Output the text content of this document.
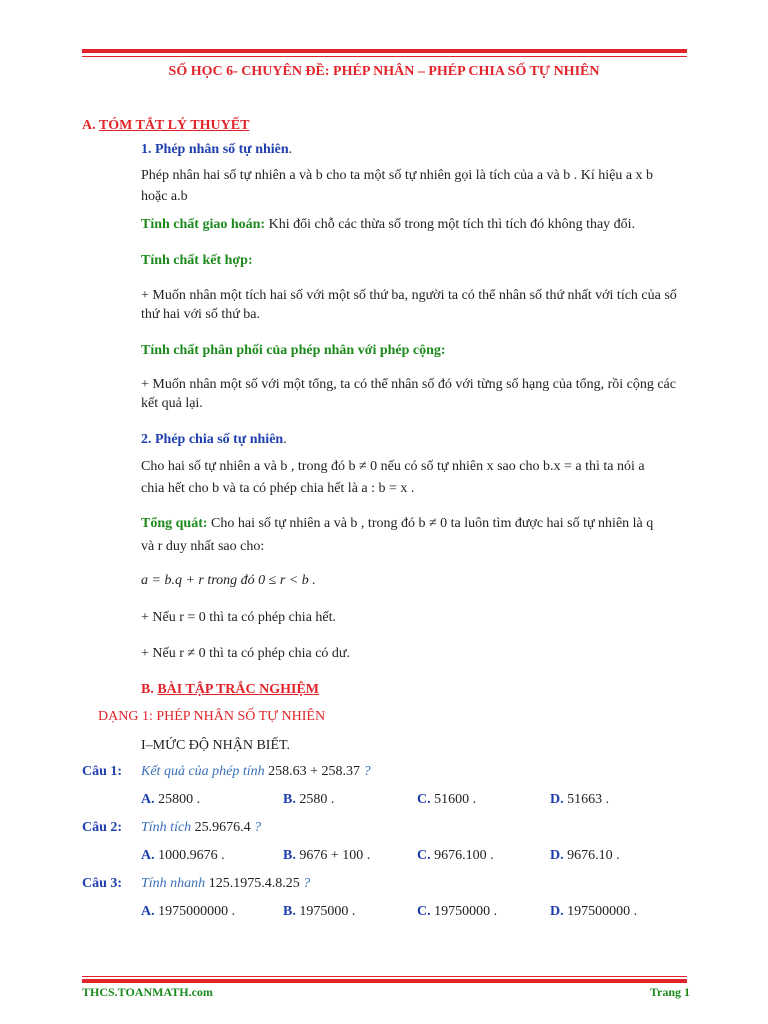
SỐ HỌC 6- CHUYÊN ĐỀ: PHÉP NHÂN – PHÉP CHIA SỐ TỰ NHIÊN
A. TÓM TẮT LÝ THUYẾT
1. Phép nhân số tự nhiên.
Phép nhân hai số tự nhiên a và b cho ta một số tự nhiên gọi là tích của a và b . Kí hiệu a x b
hoặc a.b
Tính chất giao hoán: Khi đổi chỗ các thừa số trong một tích thì tích đó không thay đổi.
Tính chất kết hợp:
+ Muốn nhân một tích hai số với một số thứ ba, người ta có thể nhân số thứ nhất với tích của số
thứ hai với số thứ ba.
Tính chất phân phối của phép nhân với phép cộng:
+ Muốn nhân một số với một tổng, ta có thể nhân số đó với từng số hạng của tổng, rồi cộng các
kết quả lại.
2. Phép chia số tự nhiên.
Cho hai số tự nhiên a và b , trong đó b ≠ 0 nếu có số tự nhiên x sao cho b.x = a thì ta nói a
chia hết cho b và ta có phép chia hết là a : b = x .
Tổng quát: Cho hai số tự nhiên a và b , trong đó b ≠ 0 ta luôn tìm được hai số tự nhiên là q
và r duy nhất sao cho:
a = b.q + r trong đó 0 ≤ r < b .
+ Nếu r = 0 thì ta có phép chia hết.
+ Nếu r ≠ 0 thì ta có phép chia có dư.
B. BÀI TẬP TRẮC NGHIỆM
DẠNG 1: PHÉP NHÂN SỐ TỰ NHIÊN
I–MỨC ĐỘ NHẬN BIẾT.
Câu 1: Kết quả của phép tính 258.63 + 258.37 ?
A. 25800 .	B. 2580 .	C. 51600 .	D. 51663 .
Câu 2: Tính tích 25.9676.4 ?
A. 1000.9676 .	B. 9676 + 100 .	C. 9676.100 .	D. 9676.10 .
Câu 3: Tính nhanh 125.1975.4.8.25 ?
A. 1975000000 .	B. 1975000 .	C. 19750000 .	D. 197500000 .
THCS.TOANMATH.com	Trang 1
